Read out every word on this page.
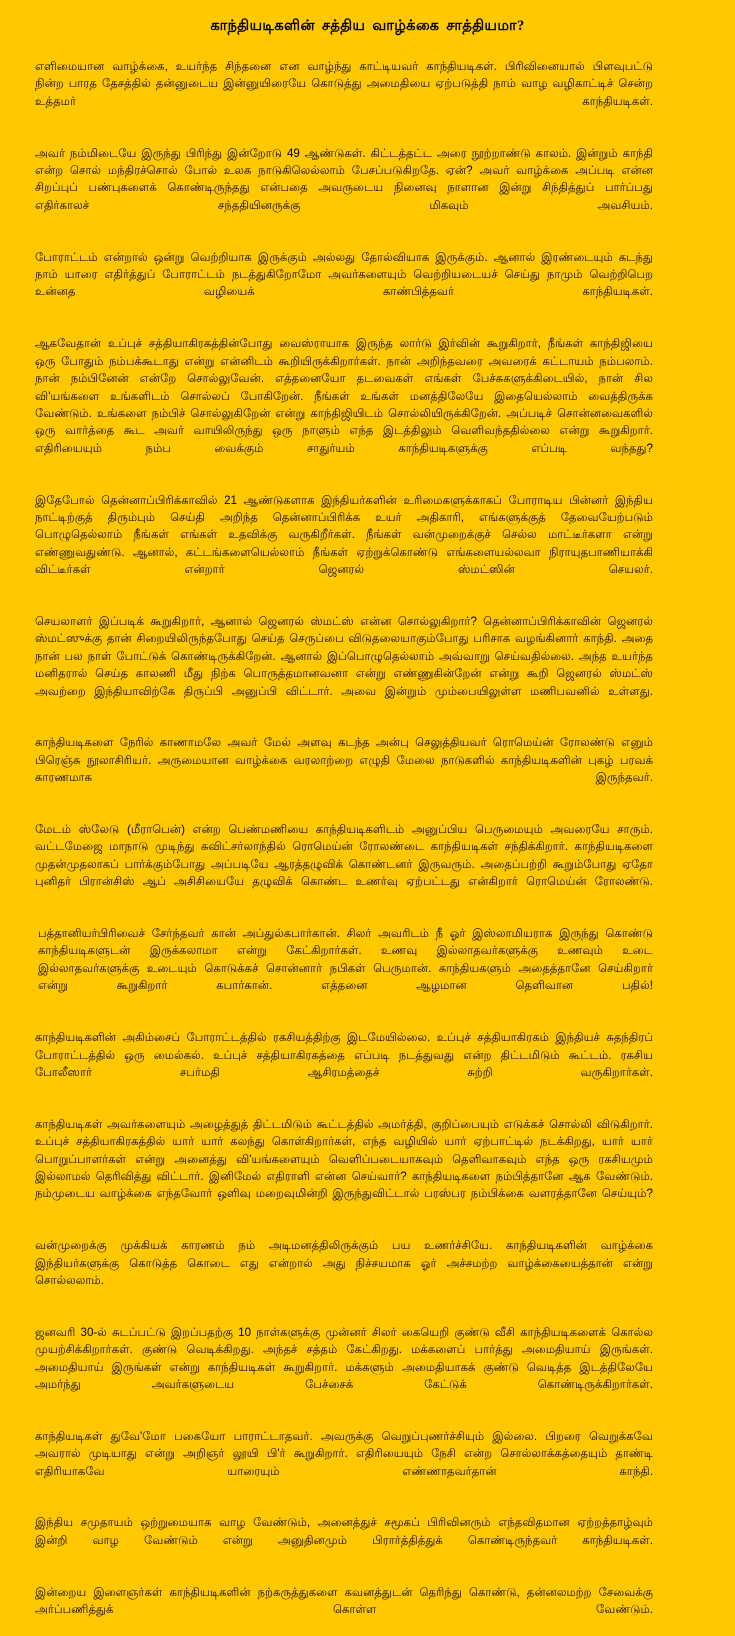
காந்தியடிகளின் சத்திய வாழ்க்கை சாத்தியமா?

எளிமையான வாழ்க்கை, உயர்ந்த சிந்தனை என வாழ்ந்து காட்டியவர் காந்தியடிகள். பிரிவினையால் பிளவுபட்டு நின்ற பாரத தேசத்தில் தன்னுடைய இன்னுயிரையே கொடுத்து அமைதியை ஏற்படுத்தி நாம் வாழ வழிகாட்டிச் சென்ற உத்தமர் காந்தியடிகள்.

அவர் நம்மிடையே இருந்து பிரிந்து இன்றோடு 49 ஆண்டுகள். கிட்டத்தட்ட அரை நூற்றாண்டு காலம். இன்றும் காந்தி என்ற சொல் மந்திரச்சொல் போல் உலக நாடுகிலெல்லாம் பேசப்படுகிறதே. ஏன்? அவர் வாழ்க்கை அப்படி என்ன சிறப்புப் பண்புகளைக் கொண்டிருந்தது என்பதை அவருடைய நினைவு நாளான இன்று சிந்தித்துப் பார்ப்பது எதிர்காலச் சந்ததியினருக்கு மிகவும் அவசியம்.

போராட்டம் என்றால் ஒன்று வெற்றியாக இருக்கும் அல்லது தோல்வியாக இருக்கும். ஆனால் இரண்டையும் கடந்து நாம் யாரை எதிர்த்துப் போராட்டம் நடத்துகிறோமோ அவர்களையும் வெற்றியடையச் செய்து நாமும் வெற்றிபெற உன்னத வழியைக் காண்பித்தவர் காந்தியடிகள்.

ஆகவேதான் உப்புச் சத்தியாகிரகத்தின்போது வைஸ்ராயாக இருந்த லார்டு இர்வின் கூறுகிறார், நீங்கள் காந்திஜியை ஒரு போதும் நம்பக்கூடாது என்று என்னிடம் கூறியிருக்கிறார்கள். நான் அறிந்தவரை அவரைக் கட்டாயம் நம்பலாம். நான் நம்பினேன் என்றே சொல்லுவேன். எத்தனையோ தடவைகள் எங்கள் பேச்சுகளுக்கிடையில், நான் சில வி'யங்களை உங்களிடம் சொல்லப் போகிறேன். நீங்கள் உங்கள் மனத்திலேயே இதையெல்லாம் வைத்திருக்க வேண்டும். உங்களை நம்பிச் சொல்லுகிறேன் என்று காந்திஜியிடம் சொல்லியிருக்கிறேன். அப்படிச் சொன்னவைகளில் ஒரு வார்த்தை கூட அவர் வாயிலிருந்து ஒரு நாளும் எந்த இடத்திலும் வெளிவந்ததில்லை என்று கூறுகிறார். எதிரியையும் நம்ப வைக்கும் சாதுர்யம் காந்தியடிகளுக்கு எப்படி வந்தது?

இதேபோல் தென்னாப்பிரிக்காவில் 21 ஆண்டுகளாக இந்தியர்களின் உரிமைகளுக்காகப் போராடிய பின்னர் இந்திய நாட்டிற்குத் திரும்பும் செய்தி அறிந்த தென்னாப்பிரிக்க உயர் அதிகாரி, எங்களுக்குத் தேவையேற்படும் பொழுதெல்லாம் நீங்கள் எங்கள் உதவிக்கு வருகிறீர்கள். நீங்கள் வன்முறைக்குச் செல்ல மாட்டீர்களா என்று எண்ணுவதுண்டு. ஆனால், கட்டங்களையெல்லாம் நீங்கள் ஏற்றுக்கொண்டு எங்களையல்லவா நிராயுதபாணியாக்கி விட்டீர்கள் என்றார் ஜெனரல் ஸ்மட்ஸின் செயலர்.

செயலாளர் இப்படிக் கூறுகிறார், ஆனால் ஜெனரல் ஸ்மட்ஸ் என்ன சொல்லுகிறார்? தென்னாப்பிரிக்காவின் ஜெனரல் ஸ்மட்ஸுக்கு தான் சிறையிலிருந்தபோது செய்த செருப்பை விடுதலையாகும்போது பரிசாக வழங்கினார் காந்தி. அதை நான் பல நாள் போட்டுக் கொண்டிருக்கிறேன். ஆனால் இப்பொழுதெல்லாம் அவ்வாறு செய்வதில்லை. அந்த உயர்ந்த மனிதரால் செய்த காலணி மீது நிற்க பொருத்தமானவனா என்று எண்ணுகின்றேன் என்று கூறி ஜெனரல் ஸ்மட்ஸ் அவற்றை இந்தியாவிற்கே திருப்பி அனுப்பி விட்டார். அவை இன்றும் மும்பையிலுள்ள மணிபவனில் உள்ளது.

காந்தியடிகளை நேரில் காணாமலே அவர் மேல் அளவு கடந்த அன்பு செலுத்தியவர் ரொமெய்ன் ரோலண்டு எனும் பிரெஞ்சு நூலாசிரியர். அருமையான வாழ்க்கை வரலாற்றை எழுதி மேலை நாடுகளில் காந்தியடிகளின் புகழ் பரவக் காரணமாக இருந்தவர்.

மேடம் ஸ்லேடு (மீராபென்) என்ற பெண்மணியை காந்தியடிகளிடம் அனுப்பிய பெருமையும் அவரையே சாரும். வட்டமேஜை மாநாடு முடிந்து சுவிட்சர்லாந்தில் ரொமெய்ன் ரோலண்டை காந்தியடிகள் சந்திக்கிறார். காந்தியடிகளை முதன்முதலாகப் பார்க்கும்போது அப்படியே ஆரத்தழுவிக் கொண்டனர் இருவரும். அதைப்பற்றி கூறும்போது ஏதோ புனிதர் பிரான்சிஸ் ஆப் அசிசியையே தழுவிக் கொண்ட உணர்வு ஏற்பட்டது என்கிறார் ரொமெய்ன் ரோலண்டு.

பத்தானியர்பிரிவைச் சேர்ந்தவர் கான் அப்துல்கபார்கான். சிலர் அவரிடம் நீ ஓர் இஸ்லாமியராக இருந்து கொண்டு காந்தியடிகளுடன் இருக்கலாமா என்று கேட்கிறார்கள். உணவு இல்லாதவர்களுக்கு உணவும் உடை இல்லாதவர்களுக்கு உடையும் கொடுக்கச் சொன்னார் நபிகள் பெருமான். காந்தியகளும் அதைத்தானே செய்கிறார் என்று கூறுகிறார் கபார்கான். எத்தனை ஆழமான தெளிவான பதில்!

காந்தியடிகளின் அகிம்சைப் போராட்டத்தில் ரகசியத்திற்கு இடமேயில்லை. உப்புச் சத்தியாகிரகம் இந்தியச் சுதந்திரப் போராட்டத்தில் ஒரு மைல்கல். உப்புச் சத்தியாகிரகத்தை எப்படி நடத்துவது என்ற திட்டமிடும் கூட்டம். ரகசிய போலீஸார் சபர்மதி ஆசிரமத்தைச் சுற்றி வருகிறார்கள்.

காந்தியடிகள் அவர்களையும் அழைத்துத் திட்டமிடும் கூட்டத்தில் அமர்த்தி, குறிப்பையும் எடுக்கச் சொல்லி விடுகிறார். உப்புச் சத்தியாகிரகத்தில் யார் யார் கலந்து கொள்கிறார்கள், எந்த வழியில் யார் ஏற்பாட்டில் நடக்கிறது, யார் யார் பொறுப்பாளர்கள் என்று அனைத்து வி'யங்களையும் வெளிப்படையாகவும் தெளிவாகவும் எந்த ஒரு ரகசியமும் இல்லாமல் தெரிவித்து விட்டார். இனிமேல் எதிராளி என்ன செய்வார்? காந்தியடிகளை நம்பித்தானே ஆக வேண்டும். நம்முடைய வாழ்க்கை எந்தவோர் ஒளிவு மறைவுமின்றி இருந்துவிட்டால் பரஸ்பர நம்பிக்கை வளரத்தானே செய்யும்?

வன்முறைக்கு முக்கியக் காரணம் நம் அடிமனத்திலிருக்கும் பய உணர்ச்சியே. காந்தியடிகளின் வாழ்க்கை இந்தியர்களுக்கு கொடுத்த கொடை எது என்றால் அது நிச்சயமாக ஓர் அச்சமற்ற வாழ்க்கையைத்தான் என்று சொல்லலாம்.

ஜனவரி 30-ல் சுடப்பட்டு இறப்பதற்கு 10 நாள்களுக்கு முன்னர் சிலர் கையெறி குண்டு வீசி காந்தியடிகளைக் கொல்ல முயற்சிக்கிறார்கள். குண்டு வெடிக்கிறது. அந்தச் சத்தம் கேட்கிறது. மக்களைப் பார்த்து அமைதியாய் இருங்கள். அமைதியாய் இருங்கள் என்று காந்தியடிகள் கூறுகிறார். மக்களும் அமைதியாகக் குண்டு வெடித்த இடத்திலேயே அமர்ந்து அவர்களுடைய பேச்சைக் கேட்டுக் கொண்டிருக்கிறார்கள்.

காந்தியடிகள் துவே'மோ பகையோ பாராட்டாதவர். அவருக்கு வெறுப்புணர்ச்சியும் இல்லை. பிறரை வெறுக்கவே அவரால் முடியாது என்று அறிஞர் லூயி பி'ர் கூறுகிறார். எதிரியையும் நேசி என்ற சொல்லாக்கத்தையும் தாண்டி எதிரியாகவே யாரையும் எண்ணாதவர்தான் காந்தி.

இந்திய சமுதாயம் ஒற்றுமையாக வாழ வேண்டும், அனைத்துச் சமூகப் பிரிவினரும் எந்தவிதமான ஏற்றத்தாழ்வும் இன்றி வாழ வேண்டும் என்று அனுதினமும் பிரார்த்தித்துக் கொண்டிருந்தவர் காந்தியடிகள்.

இன்றைய இளைஞர்கள் காந்தியடிகளின் நற்கருத்துகளை கவனத்துடன் தெரிந்து கொண்டு, தன்னலமற்ற சேவைக்கு அர்ப்பணித்துக் கொள்ள வேண்டும்.
